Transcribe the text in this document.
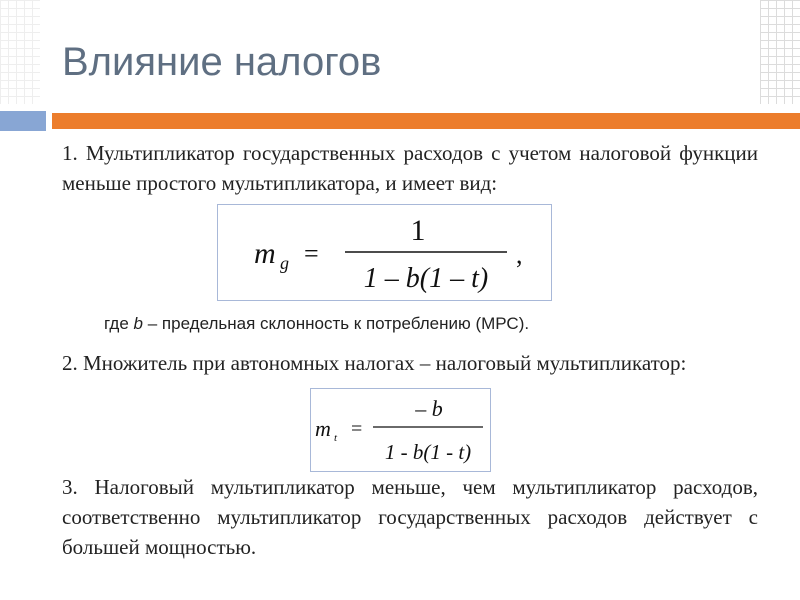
Влияние налогов

1. Мультипликатор государственных расходов с учетом налоговой функции меньше простого мультипликатора, и имеет вид:

m g =
1
1 – b(1 – t)
,

где b – предельная склонность к потреблению (МРС).

2. Множитель при автономных налогах – налоговый мультипликатор:

m t =
– b
1 - b(1 - t)

3. Налоговый мультипликатор меньше, чем мультипликатор расходов, соответственно мультипликатор государственных расходов действует с большей мощностью.
